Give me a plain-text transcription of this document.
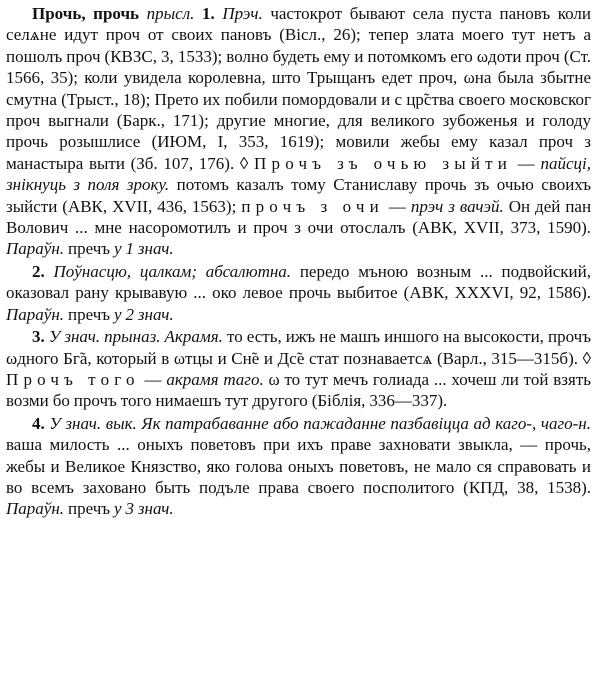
Прочь, прочь прысл. 1. Прэч. частокрот бывают села пуста пановъ коли селѧне идут проч от своих пановъ (Вісл., 26); тепер злата моего тут нетъ а пошолъ проч (КВЗС, 3, 1533); волно будеть ему и потомкомъ его ωдоти проч (Ст. 1566, 35); коли увидела королевна, што Трыщанъ едет проч, ωна была збытне смутна (Трыст., 18); Прето их побили помордовали и с цр̃ства своего московског проч выгнали (Барк., 171); другие многие, для великого зубоженья и голоду прочь розышлисе (ИЮМ, I, 353, 1619); мовили жебы ему казал проч з манастыра выти (Зб. 107, 176). ◊ Прочъ зъ очью зыйти — пайсці, знікнуць з поля зроку. потомъ казалъ тому Станиславу прочь зъ очью своихъ зыйсти (АВК, XVII, 436, 1563); прочъ з очи — прэч з вачэй. Он дей пан Волович ... мне насоромотилъ и проч з очи отослалъ (АВК, XVII, 373, 1590). Параўн. пречъ у 1 знач.

2. Поўнасцю, цалкам; абсалютна. передо мъною возным ... подвойский, оказовал рану крывавую ... око левое прочь выбитое (АВК, XXXVI, 92, 1586). Параўн. пречъ у 2 знач.

3. У знач. прыназ. Акрамя. то есть, ижъ не машъ иншого на высокости, прочъ ωдного Бг̃а, который в ωтцы и Сн̃е и Дс̃е стат познаваетсѧ (Варл., 315—315б). ◊ Прочъ того — акрамя таго. ω то тут мечъ голиада ... хочеш ли той взять возми бо прочъ того нимаешъ тут другого (Біблія, 336—337).

4. У знач. вык. Як патрабаванне або пажаданне пазбавіцца ад каго-, чаго-н. ваша милость ... оныхъ поветовъ при ихъ праве захновати звыкла, — прочь, жебы и Великое Князство, яко голова оныхъ поветовъ, не мало ся справовать и во всемъ заховано быть подъле права своего посполитого (КПД, 38, 1538). Параўн. пречъ у 3 знач.
